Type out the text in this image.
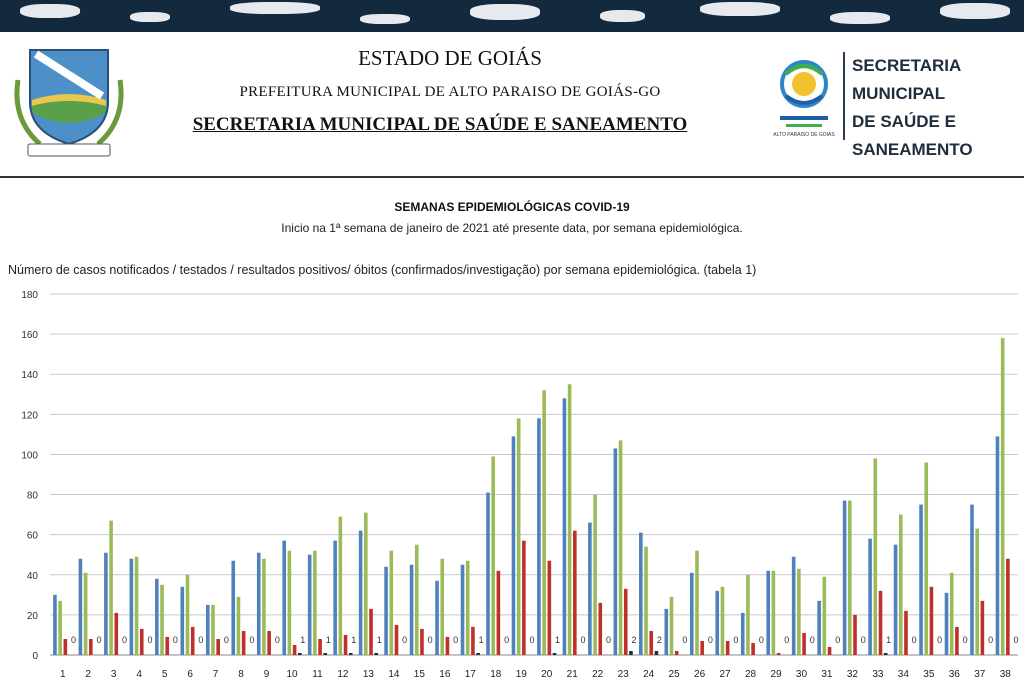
ESTADO DE GOIÁS
PREFEITURA MUNICIPAL DE ALTO PARAISO DE GOIÁS-GO
SECRETARIA MUNICIPAL DE SAÚDE E SANEAMENTO	ALTO PARAISO DE GOIÁS
SECRETARIA MUNICIPAL
DE SAÚDE E
SANEAMENTO
SEMANAS EPIDEMIOLÓGICAS COVID-19
Inicio na 1ª semana de janeiro de 2021 até presente data, por semana epidemiológica.
Número de casos notificados / testados / resultados positivos/ óbitos (confirmados/investigação) por semana epidemiológica. (tabela 1)
0
20
40
60
80
100
120
140
160
180
0
1
0
2
0
3
0
4
0
5
0
6
0
7
0
8
0
9
1
10
1
11
1
12
1
13
0
14
0
15
0
16
1
17
0
18
0
19
1
20
0
21
0
22
2
23
2
24
0
25
0
26
0
27
0
28
0
29
0
30
0
31
0
32
1
33
0
34
0
35
0
36
0
37
0
38
